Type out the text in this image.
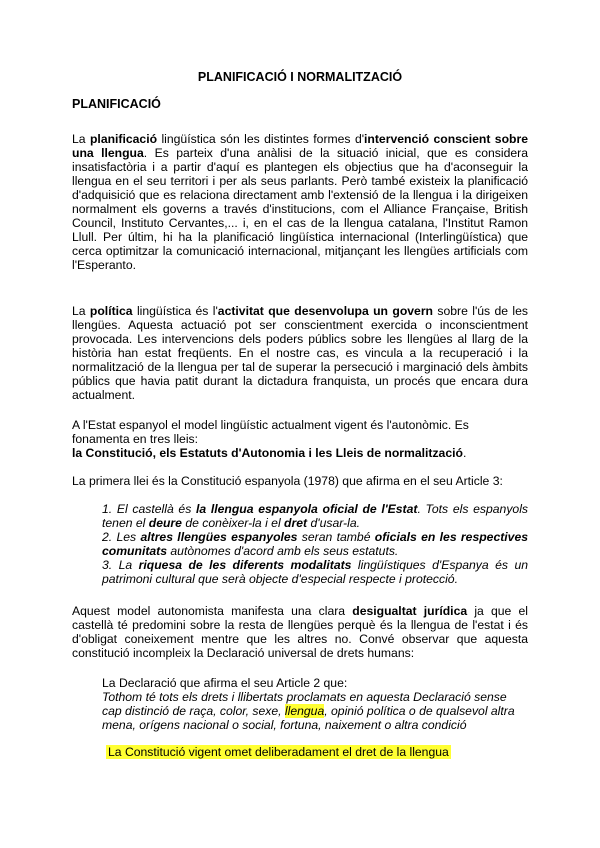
PLANIFICACIÓ I NORMALITZACIÓ
PLANIFICACIÓ

La planificació lingüística són les distintes formes d'intervenció conscient sobre una llengua. Es parteix d'una anàlisi de la situació inicial, que es considera insatisfactòria i a partir d'aquí es plantegen els objectius que ha d'aconseguir la llengua en el seu territori i per als seus parlants. Però també existeix la planificació d'adquisició que es relaciona directament amb l'extensió de la llengua i la dirigeixen normalment els governs a través d'institucions, com el Alliance Française, British Council, Instituto Cervantes,... i, en el cas de la llengua catalana, l'Institut Ramon Llull. Per últim, hi ha la planificació lingüística internacional (Interlingüística) que cerca optimitzar la comunicació internacional, mitjançant les llengües artificials com l'Esperanto.

La política lingüística és l'activitat que desenvolupa un govern sobre l'ús de les llengües. Aquesta actuació pot ser conscientment exercida o inconscientment provocada. Les intervencions dels poders públics sobre les llengües al llarg de la història han estat freqüents. En el nostre cas, es vincula a la recuperació i la normalització de la llengua per tal de superar la persecució i marginació dels àmbits públics que havia patit durant la dictadura franquista, un procés que encara dura actualment.

A l'Estat espanyol el model lingüístic actualment vigent és l'autonòmic. Es fonamenta en tres lleis:
la Constitució, els Estatuts d'Autonomia i les Lleis de normalització.

La primera llei és la Constitució espanyola (1978) que afirma en el seu Article 3:

1. El castellà és la llengua espanyola oficial de l'Estat. Tots els espanyols tenen el deure de conèixer-la i el dret d'usar-la.
2. Les altres llengües espanyoles seran també oficials en les respectives comunitats autònomes d'acord amb els seus estatuts.
3. La riquesa de les diferents modalitats lingüístiques d'Espanya és un patrimoni cultural que serà objecte d'especial respecte i protecció.

Aquest model autonomista manifesta una clara desigualtat jurídica ja que el castellà té predomini sobre la resta de llengües perquè és la llengua de l'estat i és d'obligat coneixement mentre que les altres no. Convé observar que aquesta constitució incompleix la Declaració universal de drets humans:

La Declaració que afirma el seu Article 2 que:

Tothom té tots els drets i llibertats proclamats en aquesta Declaració sense cap distinció de raça, color, sexe, llengua, opinió política o de qualsevol altra mena, orígens nacional o social, fortuna, naixement o altra condició

La Constitució vigent omet deliberadament el dret de la llengua
